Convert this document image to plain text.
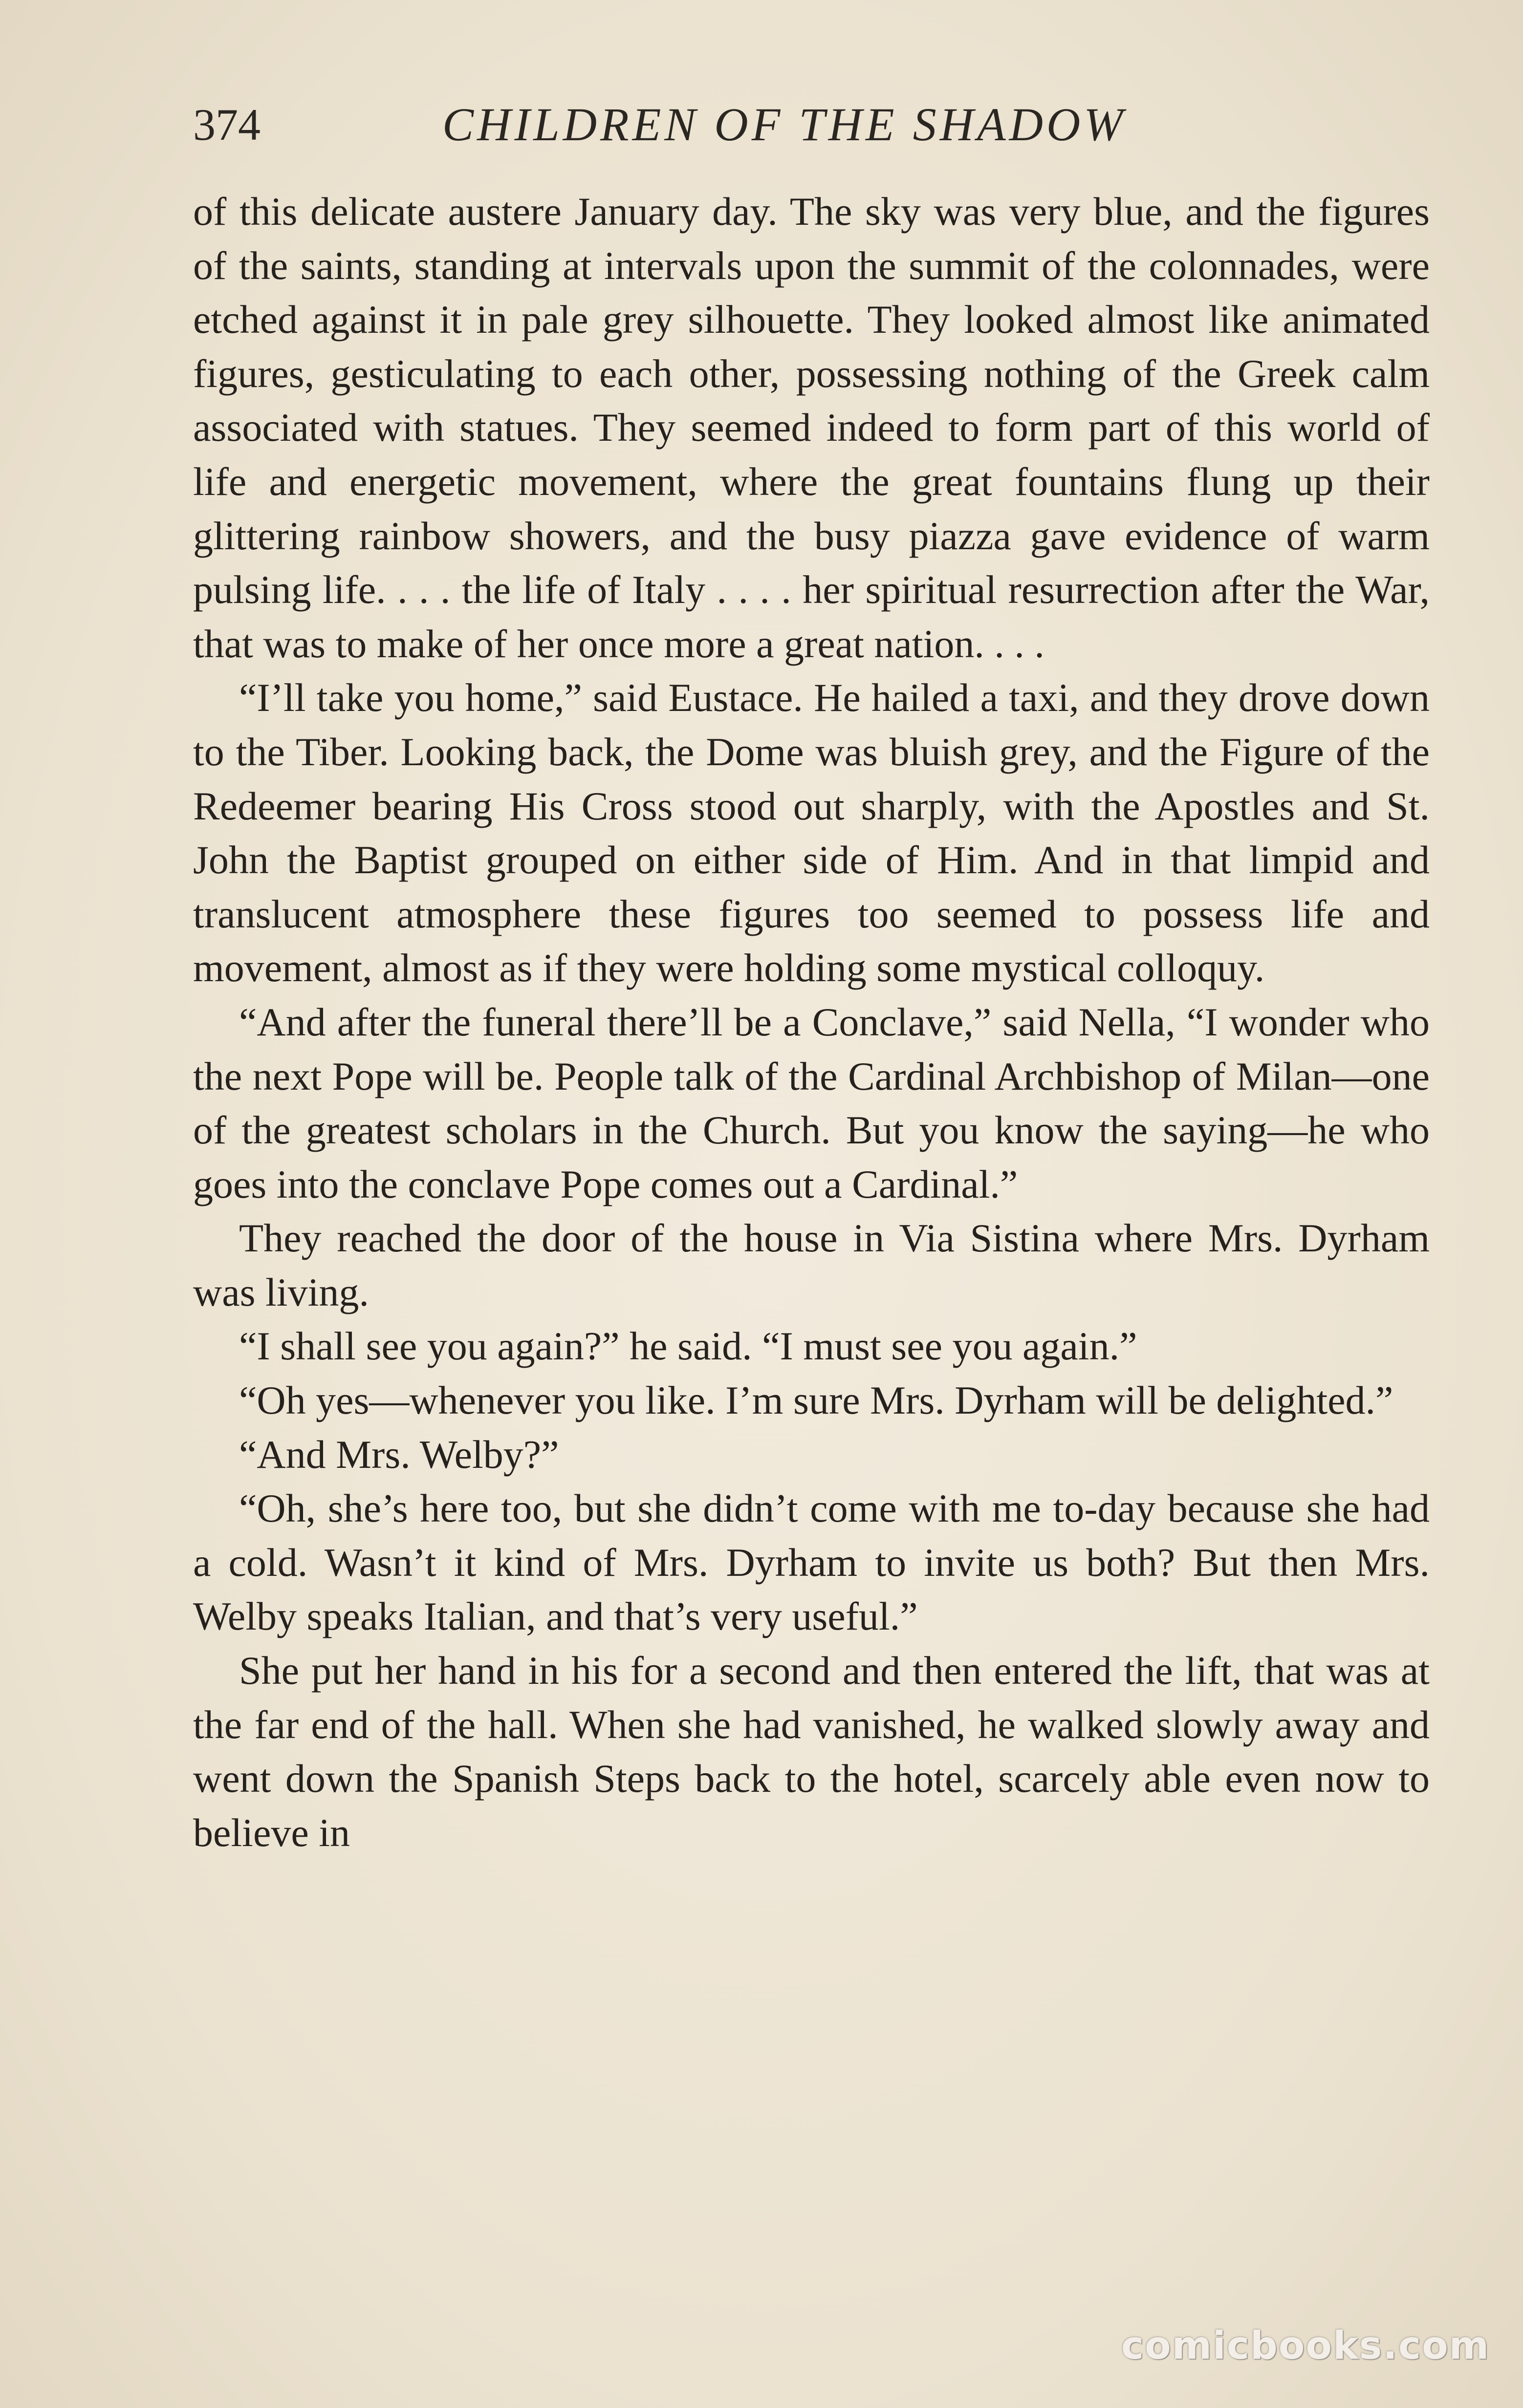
374	CHILDREN OF THE SHADOW

of this delicate austere January day. The sky was very blue, and the figures of the saints, standing at intervals upon the summit of the colonnades, were etched against it in pale grey silhouette. They looked almost like animated figures, gesticulating to each other, possessing nothing of the Greek calm associated with statues. They seemed indeed to form part of this world of life and energetic movement, where the great fountains flung up their glittering rainbow showers, and the busy piazza gave evidence of warm pulsing life. . . . the life of Italy . . . . her spiritual resurrection after the War, that was to make of her once more a great nation. . . .

“I’ll take you home,” said Eustace. He hailed a taxi, and they drove down to the Tiber. Looking back, the Dome was bluish grey, and the Figure of the Redeemer bearing His Cross stood out sharply, with the Apostles and St. John the Baptist grouped on either side of Him. And in that limpid and translucent atmosphere these figures too seemed to possess life and movement, almost as if they were holding some mystical colloquy.

“And after the funeral there’ll be a Conclave,” said Nella, “I wonder who the next Pope will be. People talk of the Cardinal Archbishop of Milan—one of the greatest scholars in the Church. But you know the saying—he who goes into the conclave Pope comes out a Cardinal.”

They reached the door of the house in Via Sistina where Mrs. Dyrham was living.

“I shall see you again?” he said. “I must see you again.”

“Oh yes—whenever you like. I’m sure Mrs. Dyrham will be delighted.”

“And Mrs. Welby?”

“Oh, she’s here too, but she didn’t come with me to-day because she had a cold. Wasn’t it kind of Mrs. Dyrham to invite us both? But then Mrs. Welby speaks Italian, and that’s very useful.”

She put her hand in his for a second and then entered the lift, that was at the far end of the hall. When she had vanished, he walked slowly away and went down the Spanish Steps back to the hotel, scarcely able even now to believe in

comicbooks.com
